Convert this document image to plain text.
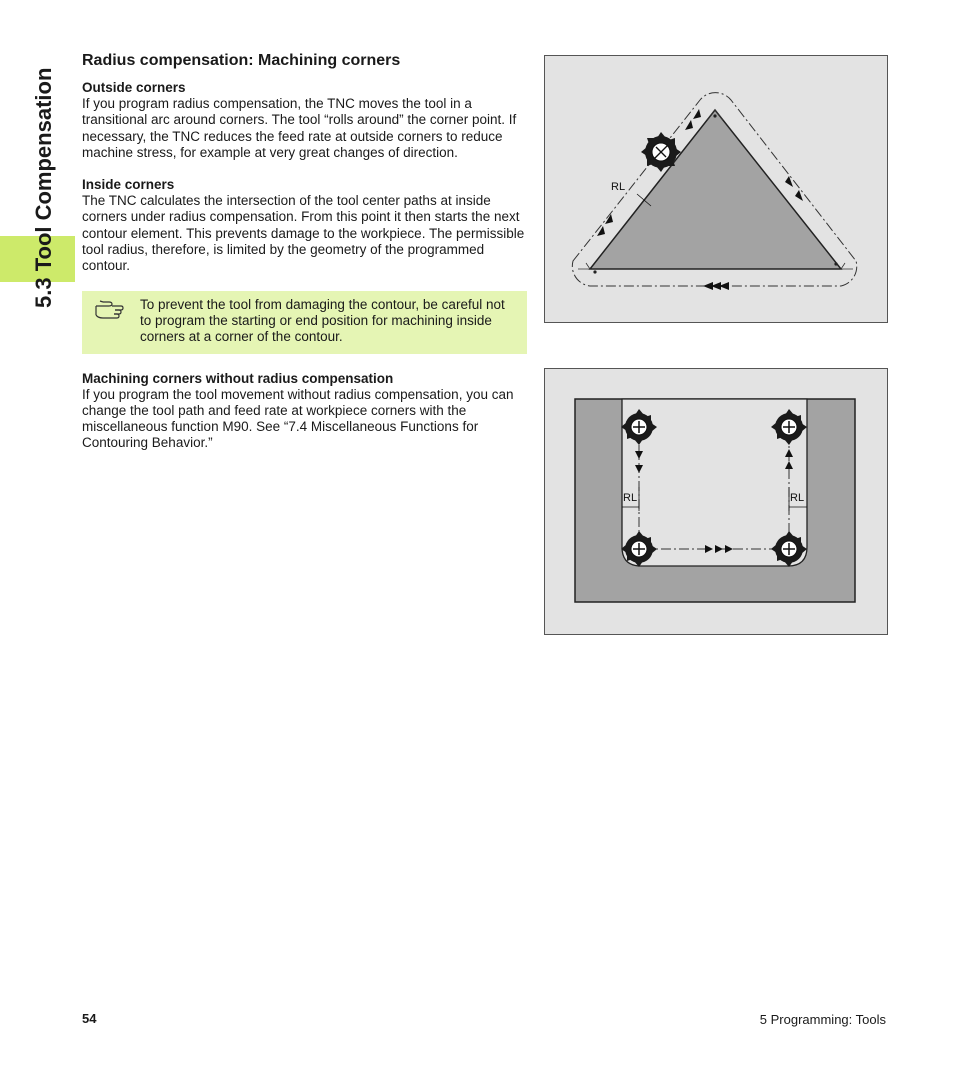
5.3 Tool Compensation
Radius compensation: Machining corners
Outside corners

If you program radius compensation, the TNC moves the tool in a transitional arc around corners. The tool “rolls around” the corner point. If necessary, the TNC reduces the feed rate at outside corners to reduce machine stress, for example at very great changes of direction.

Inside corners

The TNC calculates the intersection of the tool center paths at inside corners under radius compensation. From this point it then starts the next contour element. This prevents damage to the workpiece. The permissible tool radius, therefore, is limited by the geometry of the programmed contour.

To prevent the tool from damaging the contour, be careful not to program the starting or end position for machining inside corners at a corner of the contour.
Machining corners without radius compensation

If you program the tool movement without radius compensation, you can change the tool path and feed rate at workpiece corners with the miscellaneous function M90. See “7.4 Miscellaneous Functions for Contouring Behavior.”

RL
RL	RL
54	5 Programming: Tools
